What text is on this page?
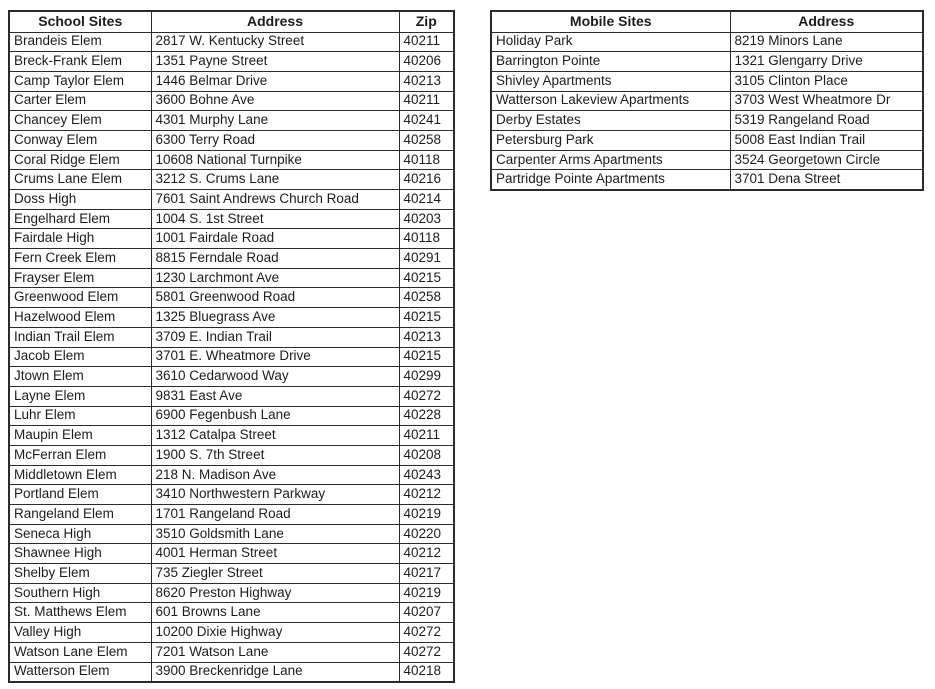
School Sites	Address	Zip
Brandeis Elem	2817 W. Kentucky Street	40211
Breck-Frank Elem	1351 Payne Street	40206
Camp Taylor Elem	1446 Belmar Drive	40213
Carter Elem	3600 Bohne Ave	40211
Chancey Elem	4301 Murphy Lane	40241
Conway Elem	6300 Terry Road	40258
Coral Ridge Elem	10608 National Turnpike	40118
Crums Lane Elem	3212 S. Crums Lane	40216
Doss High	7601 Saint Andrews Church Road	40214
Engelhard Elem	1004 S. 1st Street	40203
Fairdale High	1001 Fairdale Road	40118
Fern Creek Elem	8815 Ferndale Road	40291
Frayser Elem	1230 Larchmont Ave	40215
Greenwood Elem	5801 Greenwood Road	40258
Hazelwood Elem	1325 Bluegrass Ave	40215
Indian Trail Elem	3709 E. Indian Trail	40213
Jacob Elem	3701 E. Wheatmore Drive	40215
Jtown Elem	3610 Cedarwood Way	40299
Layne Elem	9831 East Ave	40272
Luhr Elem	6900 Fegenbush Lane	40228
Maupin Elem	1312 Catalpa Street	40211
McFerran Elem	1900 S. 7th Street	40208
Middletown Elem	218 N. Madison Ave	40243
Portland Elem	3410 Northwestern Parkway	40212
Rangeland Elem	1701 Rangeland Road	40219
Seneca High	3510 Goldsmith Lane	40220
Shawnee High	4001 Herman Street	40212
Shelby Elem	735 Ziegler Street	40217
Southern High	8620 Preston Highway	40219
St. Matthews Elem	601 Browns Lane	40207
Valley High	10200 Dixie Highway	40272
Watson Lane Elem	7201 Watson Lane	40272
Watterson Elem	3900 Breckenridge Lane	40218
Mobile Sites	Address
Holiday Park	8219 Minors Lane
Barrington Pointe	1321 Glengarry Drive
Shivley Apartments	3105 Clinton Place
Watterson Lakeview Apartments	3703 West Wheatmore Dr
Derby Estates	5319 Rangeland Road
Petersburg Park	5008 East Indian Trail
Carpenter Arms Apartments	3524 Georgetown Circle
Partridge Pointe Apartments	3701 Dena Street
